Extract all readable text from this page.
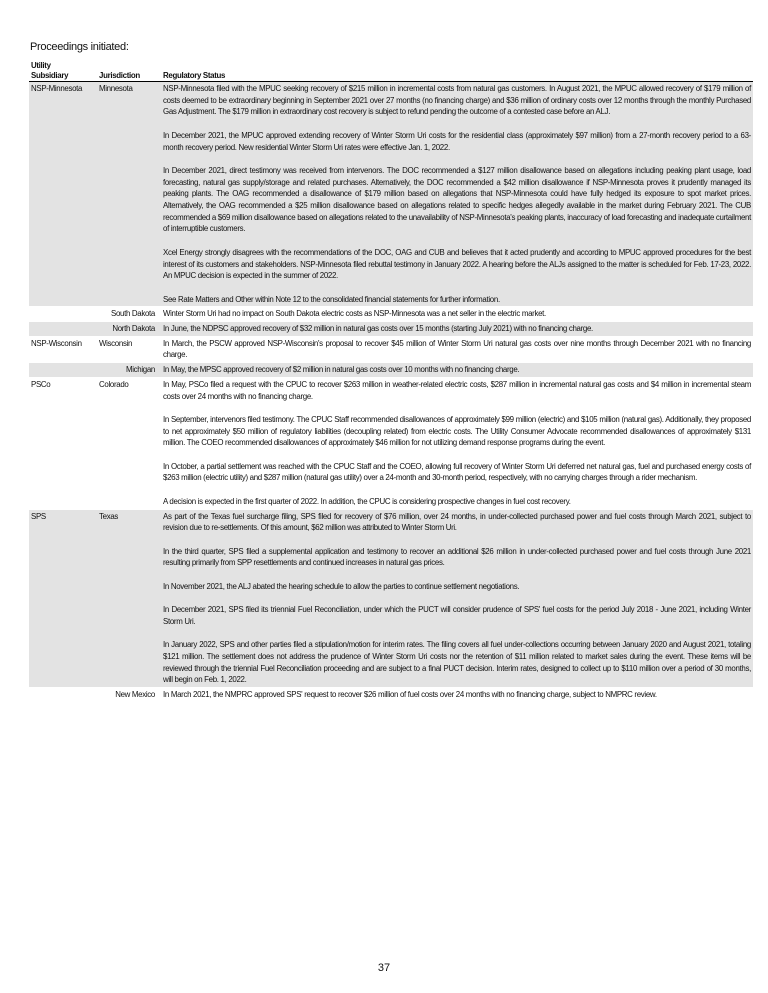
Proceedings initiated:
Utility
Subsidiary	Jurisdiction	Regulatory Status
NSP-Minnesota	Minnesota	NSP-Minnesota filed with the MPUC seeking recovery of $215 million in incremental costs from natural gas customers. In August 2021, the MPUC allowed recovery of $179 million of costs deemed to be extraordinary beginning in September 2021 over 27 months (no financing charge) and $36 million of ordinary costs over 12 months through the monthly Purchased Gas Adjustment. The $179 million in extraordinary cost recovery is subject to refund pending the outcome of a contested case before an ALJ.

In December 2021, the MPUC approved extending recovery of Winter Storm Uri costs for the residential class (approximately $97 million) from a 27-month recovery period to a 63-month recovery period. New residential Winter Storm Uri rates were effective Jan. 1, 2022.

In December 2021, direct testimony was received from intervenors. The DOC recommended a $127 million disallowance based on allegations including peaking plant usage, load forecasting, natural gas supply/storage and related purchases. Alternatively, the DOC recommended a $42 million disallowance if NSP-Minnesota proves it prudently managed its peaking plants. The OAG recommended a disallowance of $179 million based on allegations that NSP-Minnesota could have fully hedged its exposure to spot market prices. Alternatively, the OAG recommended a $25 million disallowance based on allegations related to specific hedges allegedly available in the market during February 2021. The CUB recommended a $69 million disallowance based on allegations related to the unavailability of NSP-Minnesota's peaking plants, inaccuracy of load forecasting and inadequate curtailment of interruptible customers.

Xcel Energy strongly disagrees with the recommendations of the DOC, OAG and CUB and believes that it acted prudently and according to MPUC approved procedures for the best interest of its customers and stakeholders. NSP-Minnesota filed rebuttal testimony in January 2022. A hearing before the ALJs assigned to the matter is scheduled for Feb. 17-23, 2022. An MPUC decision is expected in the summer of 2022.

See Rate Matters and Other within Note 12 to the consolidated financial statements for further information.

	South Dakota	Winter Storm Uri had no impact on South Dakota electric costs as NSP-Minnesota was a net seller in the electric market.

	North Dakota	In June, the NDPSC approved recovery of $32 million in natural gas costs over 15 months (starting July 2021) with no financing charge.

NSP-Wisconsin	Wisconsin	In March, the PSCW approved NSP-Wisconsin's proposal to recover $45 million of Winter Storm Uri natural gas costs over nine months through December 2021 with no financing charge.

	Michigan	In May, the MPSC approved recovery of $2 million in natural gas costs over 10 months with no financing charge.

PSCo	Colorado	In May, PSCo filed a request with the CPUC to recover $263 million in weather-related electric costs, $287 million in incremental natural gas costs and $4 million in incremental steam costs over 24 months with no financing charge.

In September, intervenors filed testimony. The CPUC Staff recommended disallowances of approximately $99 million (electric) and $105 million (natural gas). Additionally, they proposed to net approximately $50 million of regulatory liabilities (decoupling related) from electric costs. The Utility Consumer Advocate recommended disallowances of approximately $131 million. The COEO recommended disallowances of approximately $46 million for not utilizing demand response programs during the event.

In October, a partial settlement was reached with the CPUC Staff and the COEO, allowing full recovery of Winter Storm Uri deferred net natural gas, fuel and purchased energy costs of $263 million (electric utility) and $287 million (natural gas utility) over a 24-month and 30-month period, respectively, with no carrying charges through a rider mechanism.

A decision is expected in the first quarter of 2022. In addition, the CPUC is considering prospective changes in fuel cost recovery.

SPS	Texas	As part of the Texas fuel surcharge filing, SPS filed for recovery of $76 million, over 24 months, in under-collected purchased power and fuel costs through March 2021, subject to revision due to re-settlements. Of this amount, $62 million was attributed to Winter Storm Uri.

In the third quarter, SPS filed a supplemental application and testimony to recover an additional $26 million in under-collected purchased power and fuel costs through June 2021 resulting primarily from SPP resettlements and continued increases in natural gas prices.

In November 2021, the ALJ abated the hearing schedule to allow the parties to continue settlement negotiations.

In December 2021, SPS filed its triennial Fuel Reconciliation, under which the PUCT will consider prudence of SPS' fuel costs for the period July 2018 - June 2021, including Winter Storm Uri.

In January 2022, SPS and other parties filed a stipulation/motion for interim rates. The filing covers all fuel under-collections occurring between January 2020 and August 2021, totaling $121 million. The settlement does not address the prudence of Winter Storm Uri costs nor the retention of $11 million related to market sales during the event. These items will be reviewed through the triennial Fuel Reconciliation proceeding and are subject to a final PUCT decision. Interim rates, designed to collect up to $110 million over a period of 30 months, will begin on Feb. 1, 2022.

	New Mexico	In March 2021, the NMPRC approved SPS' request to recover $26 million of fuel costs over 24 months with no financing charge, subject to NMPRC review.

37
